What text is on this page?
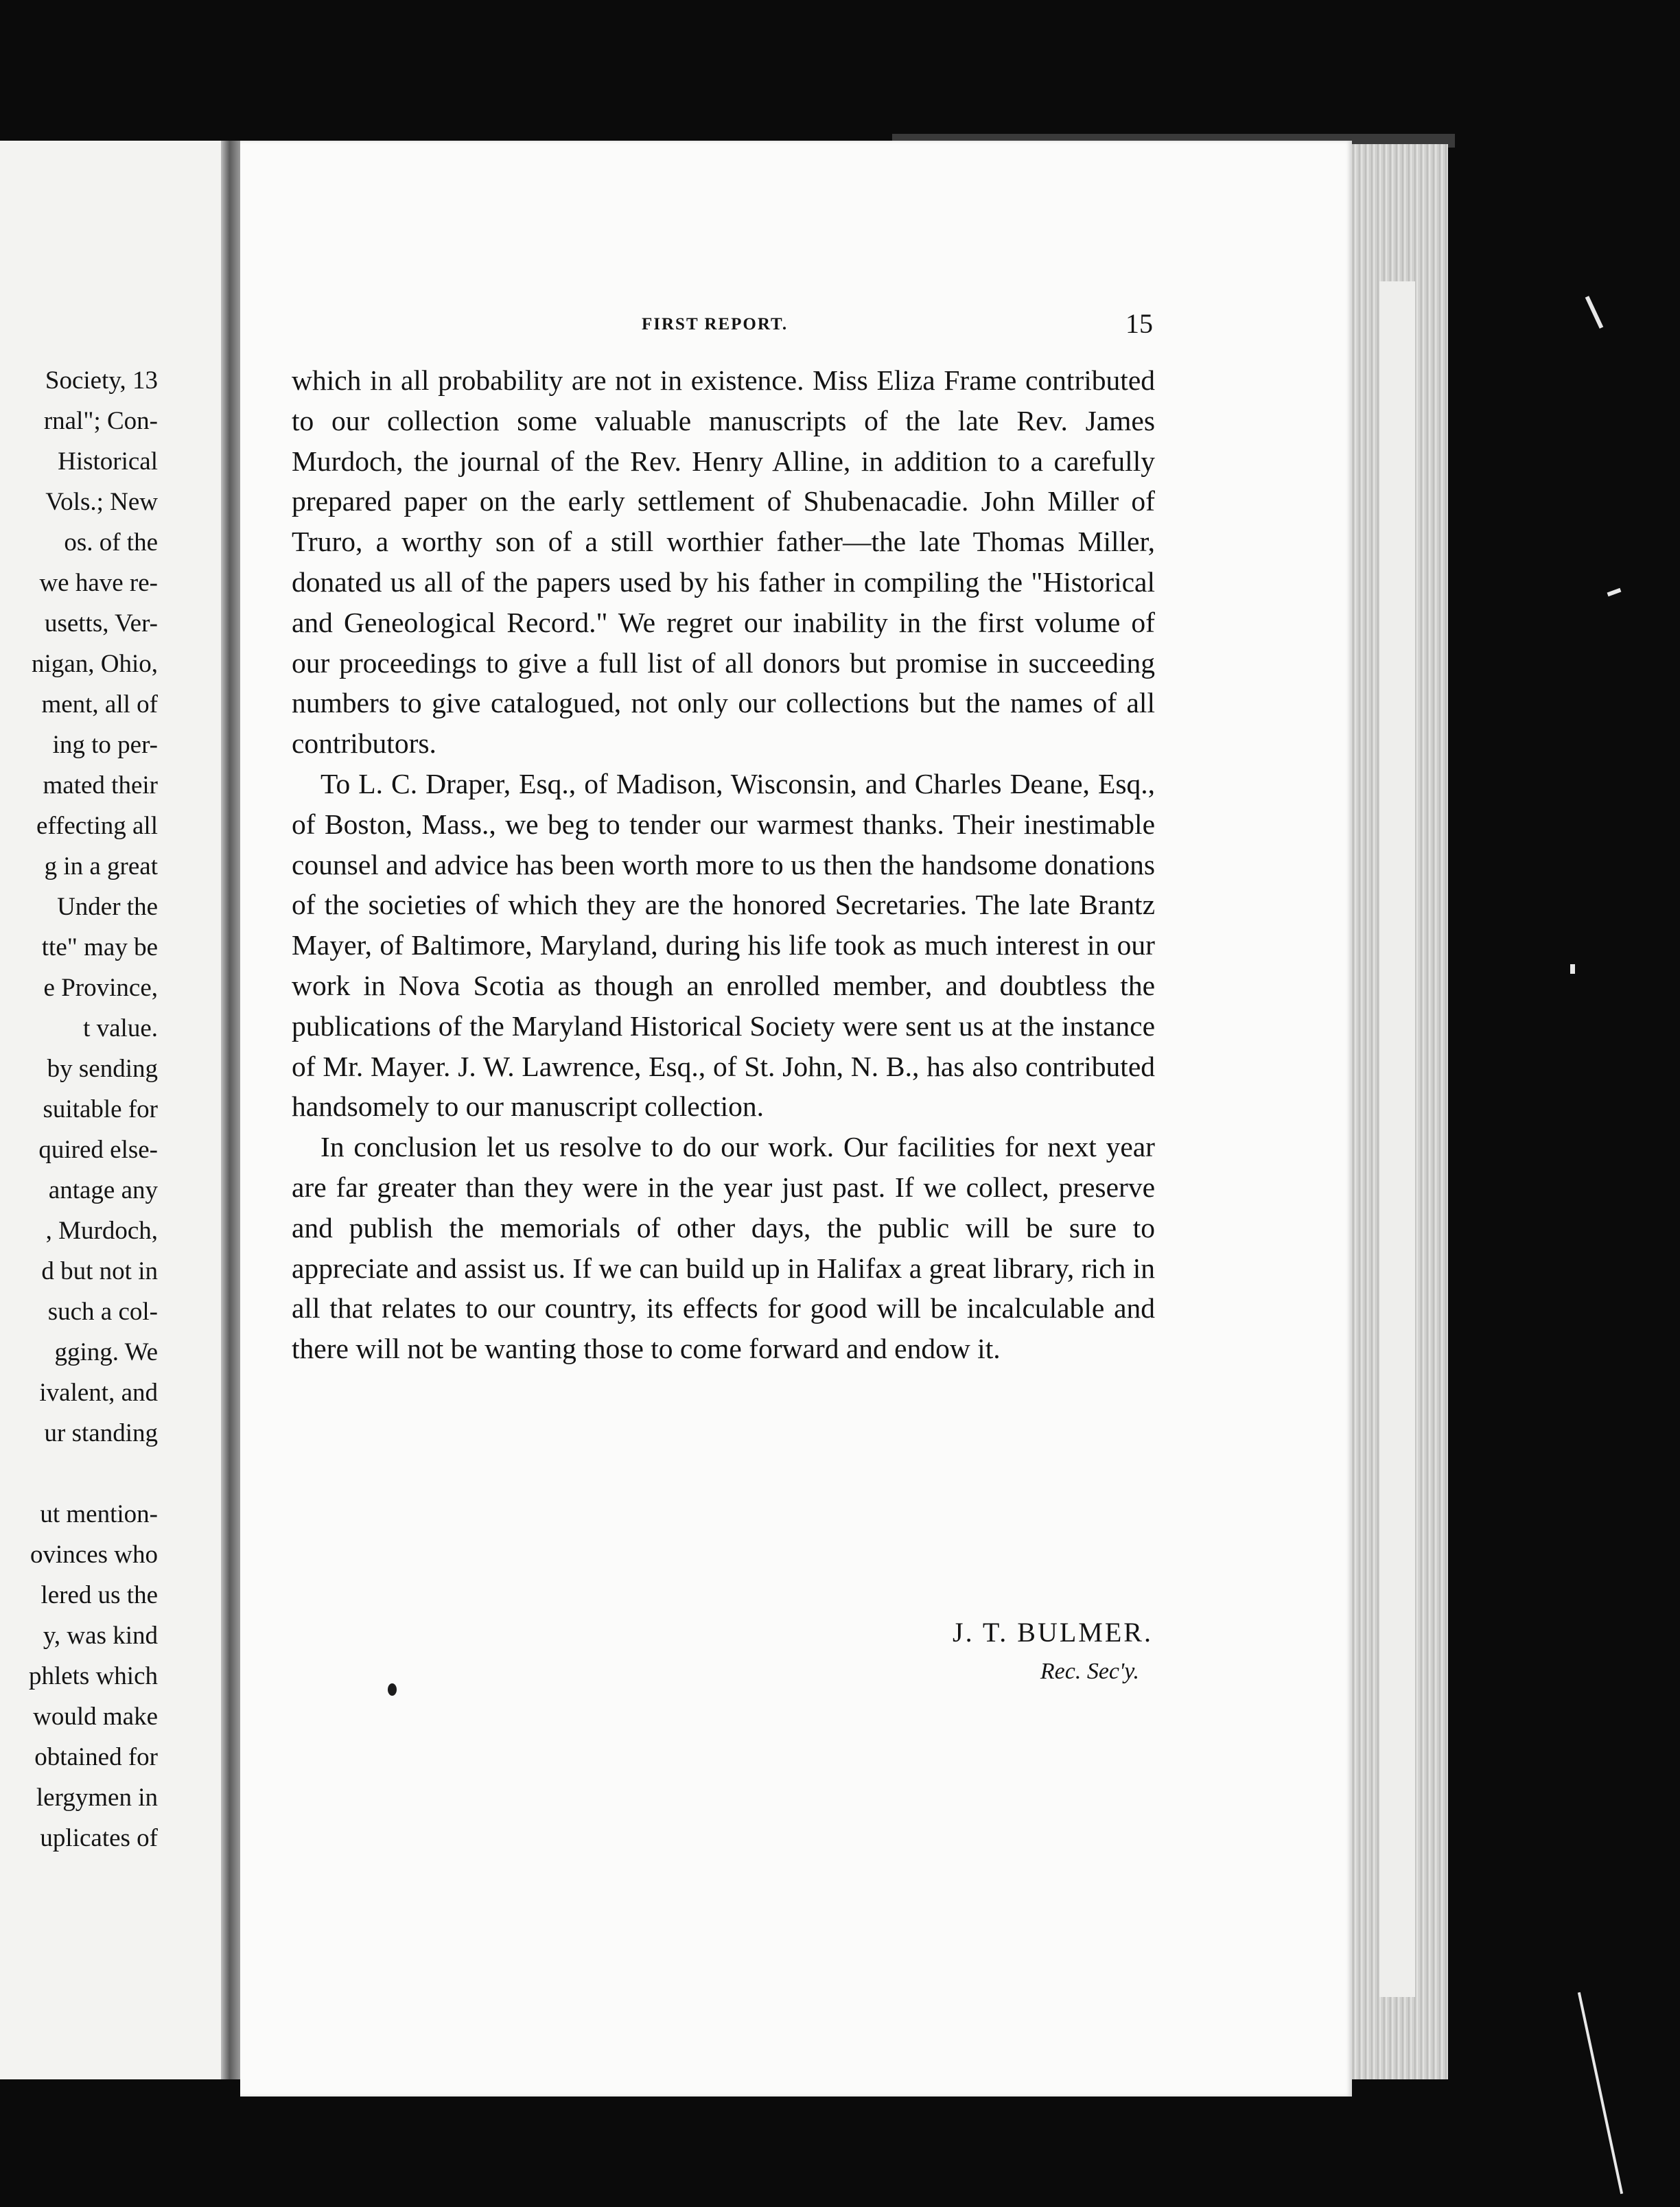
Society, 13
rnal"; Con-
Historical
Vols.; New
os. of the
we have re-
usetts, Ver-
nigan, Ohio,
ment, all of
ing to per-
mated their
effecting all
g in a great
Under the
tte" may be
e Province,
t value.
by sending
suitable for
quired else-
antage any
, Murdoch,
d but not in
such a col-
gging. We
ivalent, and
ur standing
ut mention-
ovinces who
lered us the
y, was kind
phlets which
would make
obtained for
lergymen in
uplicates of
FIRST REPORT.	15

which in all probability are not in existence. Miss Eliza Frame contributed to our collection some valuable manuscripts of the late Rev. James Murdoch, the journal of the Rev. Henry Alline, in addition to a carefully prepared paper on the early settlement of Shubenacadie. John Miller of Truro, a worthy son of a still worthier father—the late Thomas Miller, donated us all of the papers used by his father in compiling the "Historical and Geneological Record." We regret our inability in the first volume of our proceedings to give a full list of all donors but promise in succeeding numbers to give catalogued, not only our collections but the names of all contributors.

To L. C. Draper, Esq., of Madison, Wisconsin, and Charles Deane, Esq., of Boston, Mass., we beg to tender our warmest thanks. Their inestimable counsel and advice has been worth more to us then the handsome donations of the societies of which they are the honored Secretaries. The late Brantz Mayer, of Baltimore, Maryland, during his life took as much interest in our work in Nova Scotia as though an enrolled member, and doubtless the publications of the Maryland Historical Society were sent us at the instance of Mr. Mayer. J. W. Lawrence, Esq., of St. John, N. B., has also contributed handsomely to our manuscript collection.

In conclusion let us resolve to do our work. Our facilities for next year are far greater than they were in the year just past. If we collect, preserve and publish the memorials of other days, the public will be sure to appreciate and assist us. If we can build up in Halifax a great library, rich in all that relates to our country, its effects for good will be incalculable and there will not be wanting those to come forward and endow it.

J. T. BULMER.
Rec. Sec'y.
